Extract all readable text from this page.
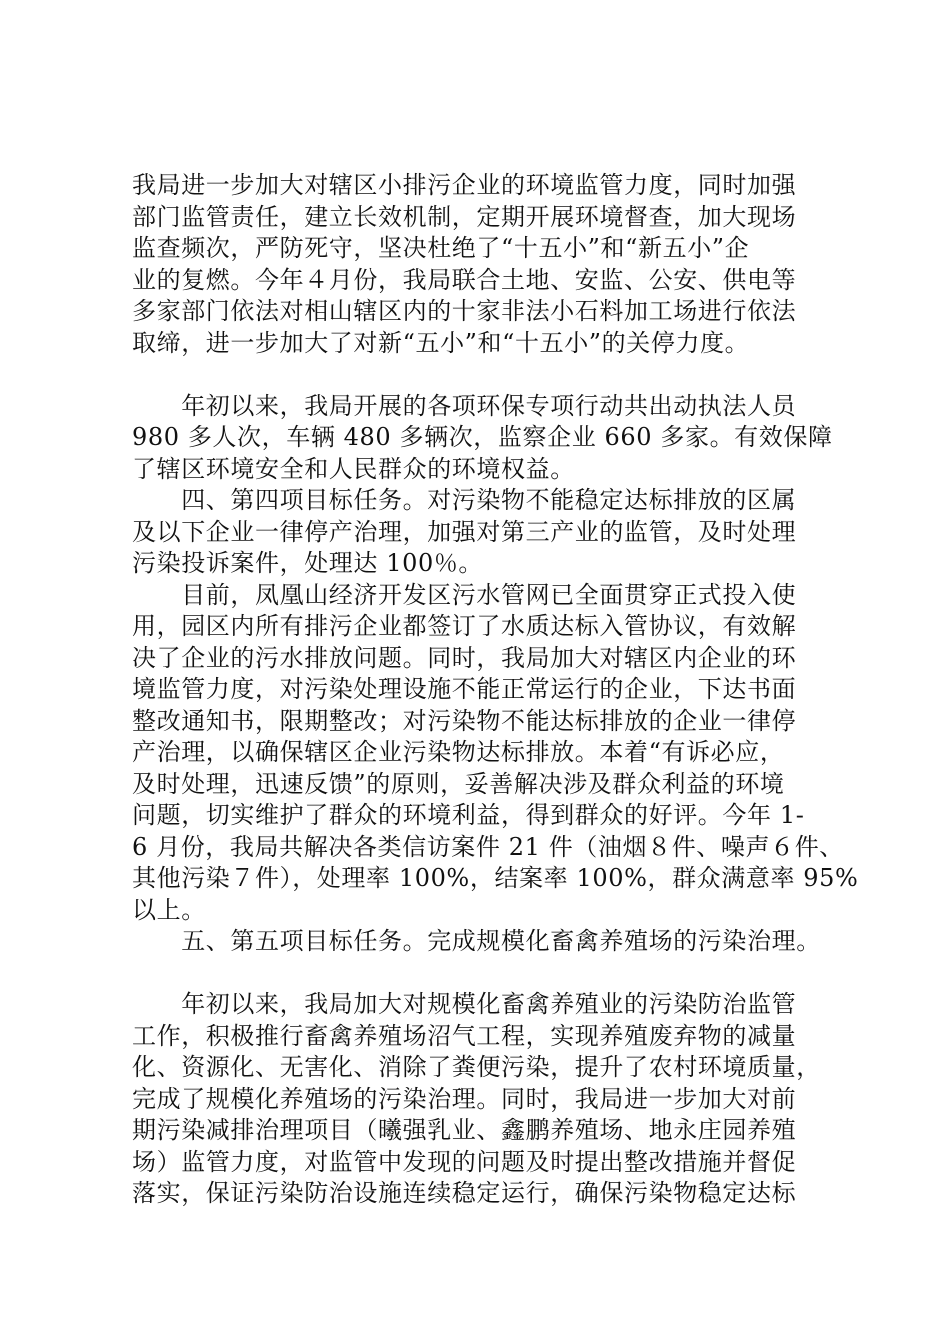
我局进一步加大对辖区小排污企业的环境监管力度，同时加强
部门监管责任，建立长效机制，定期开展环境督查，加大现场
监查频次，严防死守，坚决杜绝了“十五小”和“新五小”企
业的复燃。今年４月份，我局联合土地、安监、公安、供电等
多家部门依法对相山辖区内的十家非法小石料加工场进行依法
取缔，进一步加大了对新“五小”和“十五小”的关停力度。
　　年初以来，我局开展的各项环保专项行动共出动执法人员
980 多人次，车辆 480 多辆次，监察企业 660 多家。有效保障
了辖区环境安全和人民群众的环境权益。
　　四、第四项目标任务。对污染物不能稳定达标排放的区属
及以下企业一律停产治理，加强对第三产业的监管，及时处理
污染投诉案件，处理达 100％。
　　目前，凤凰山经济开发区污水管网已全面贯穿正式投入使
用，园区内所有排污企业都签订了水质达标入管协议，有效解
决了企业的污水排放问题。同时，我局加大对辖区内企业的环
境监管力度，对污染处理设施不能正常运行的企业，下达书面
整改通知书，限期整改；对污染物不能达标排放的企业一律停
产治理，以确保辖区企业污染物达标排放。本着“有诉必应，
及时处理，迅速反馈”的原则，妥善解决涉及群众利益的环境
问题，切实维护了群众的环境利益，得到群众的好评。今年 1-
6 月份，我局共解决各类信访案件 21 件（油烟８件、噪声６件、
其他污染７件），处理率 100%，结案率 100%，群众满意率 95%
以上。
　　五、第五项目标任务。完成规模化畜禽养殖场的污染治理。
　　年初以来，我局加大对规模化畜禽养殖业的污染防治监管
工作，积极推行畜禽养殖场沼气工程，实现养殖废弃物的减量
化、资源化、无害化、消除了粪便污染，提升了农村环境质量，
完成了规模化养殖场的污染治理。同时，我局进一步加大对前
期污染减排治理项目（曦强乳业、鑫鹏养殖场、地永庄园养殖
场）监管力度，对监管中发现的问题及时提出整改措施并督促
落实，保证污染防治设施连续稳定运行，确保污染物稳定达标
